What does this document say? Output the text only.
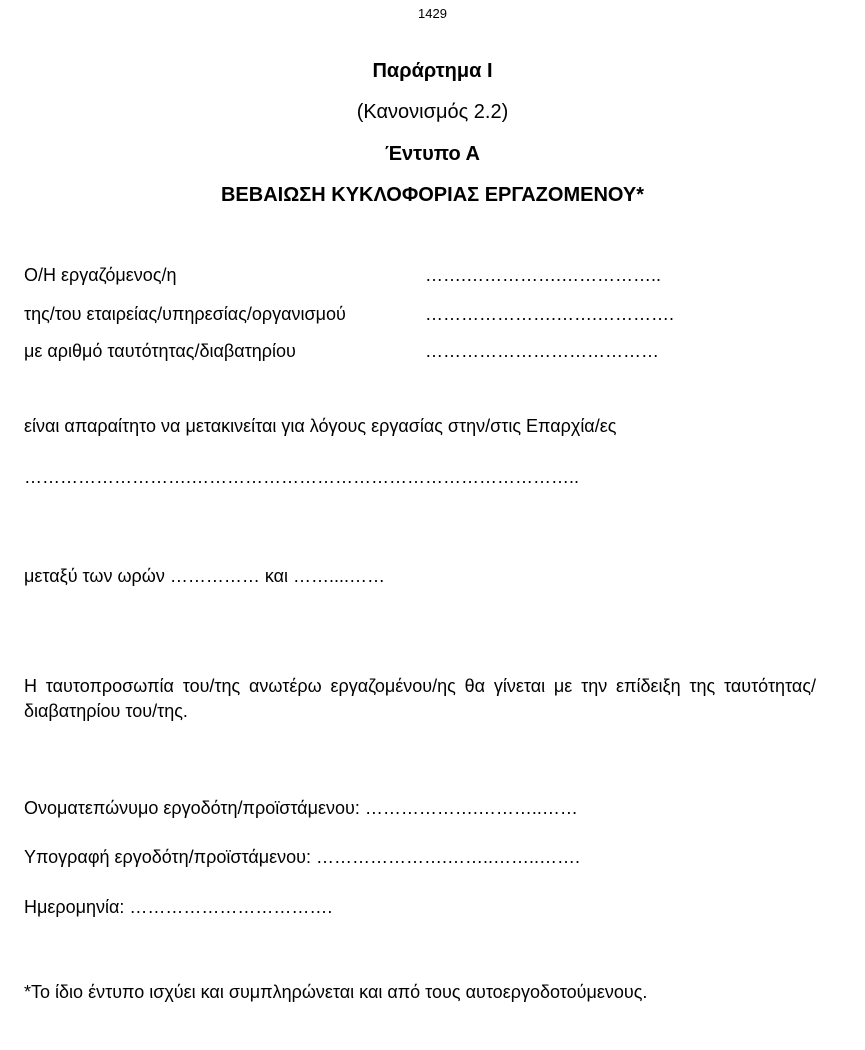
1429
Παράρτημα Ι
(Κανονισμός 2.2)
Έντυπο Α
ΒΕΒΑΙΩΣΗ ΚΥΚΛΟΦΟΡΙΑΣ ΕΡΓΑΖΟΜΕΝΟΥ*
Ο/Η εργαζόμενος/η	…….…………….……………..
της/του εταιρείας/υπηρεσίας/οργανισμού	………………….…….………….
με αριθμό ταυτότητας/διαβατηρίου	…………………………………
είναι απαραίτητο να μετακινείται για λόγους εργασίας στην/στις Επαρχία/ες
……………………….………………………………………………………..
μεταξύ των ωρών …………… και ……....……
Η ταυτοπροσωπία του/της ανωτέρω εργαζομένου/ης θα γίνεται με την επίδειξη της ταυτότητας/διαβατηρίου του/της.
Ονοματεπώνυμο εργοδότη/προϊστάμενου: ……………….………..……
Υπογραφή εργοδότη/προϊστάμενου: ………………….……..……..…….
Ημερομηνία: …………………………….
*Το ίδιο έντυπο ισχύει και συμπληρώνεται και από τους αυτοεργοδοτούμενους.
